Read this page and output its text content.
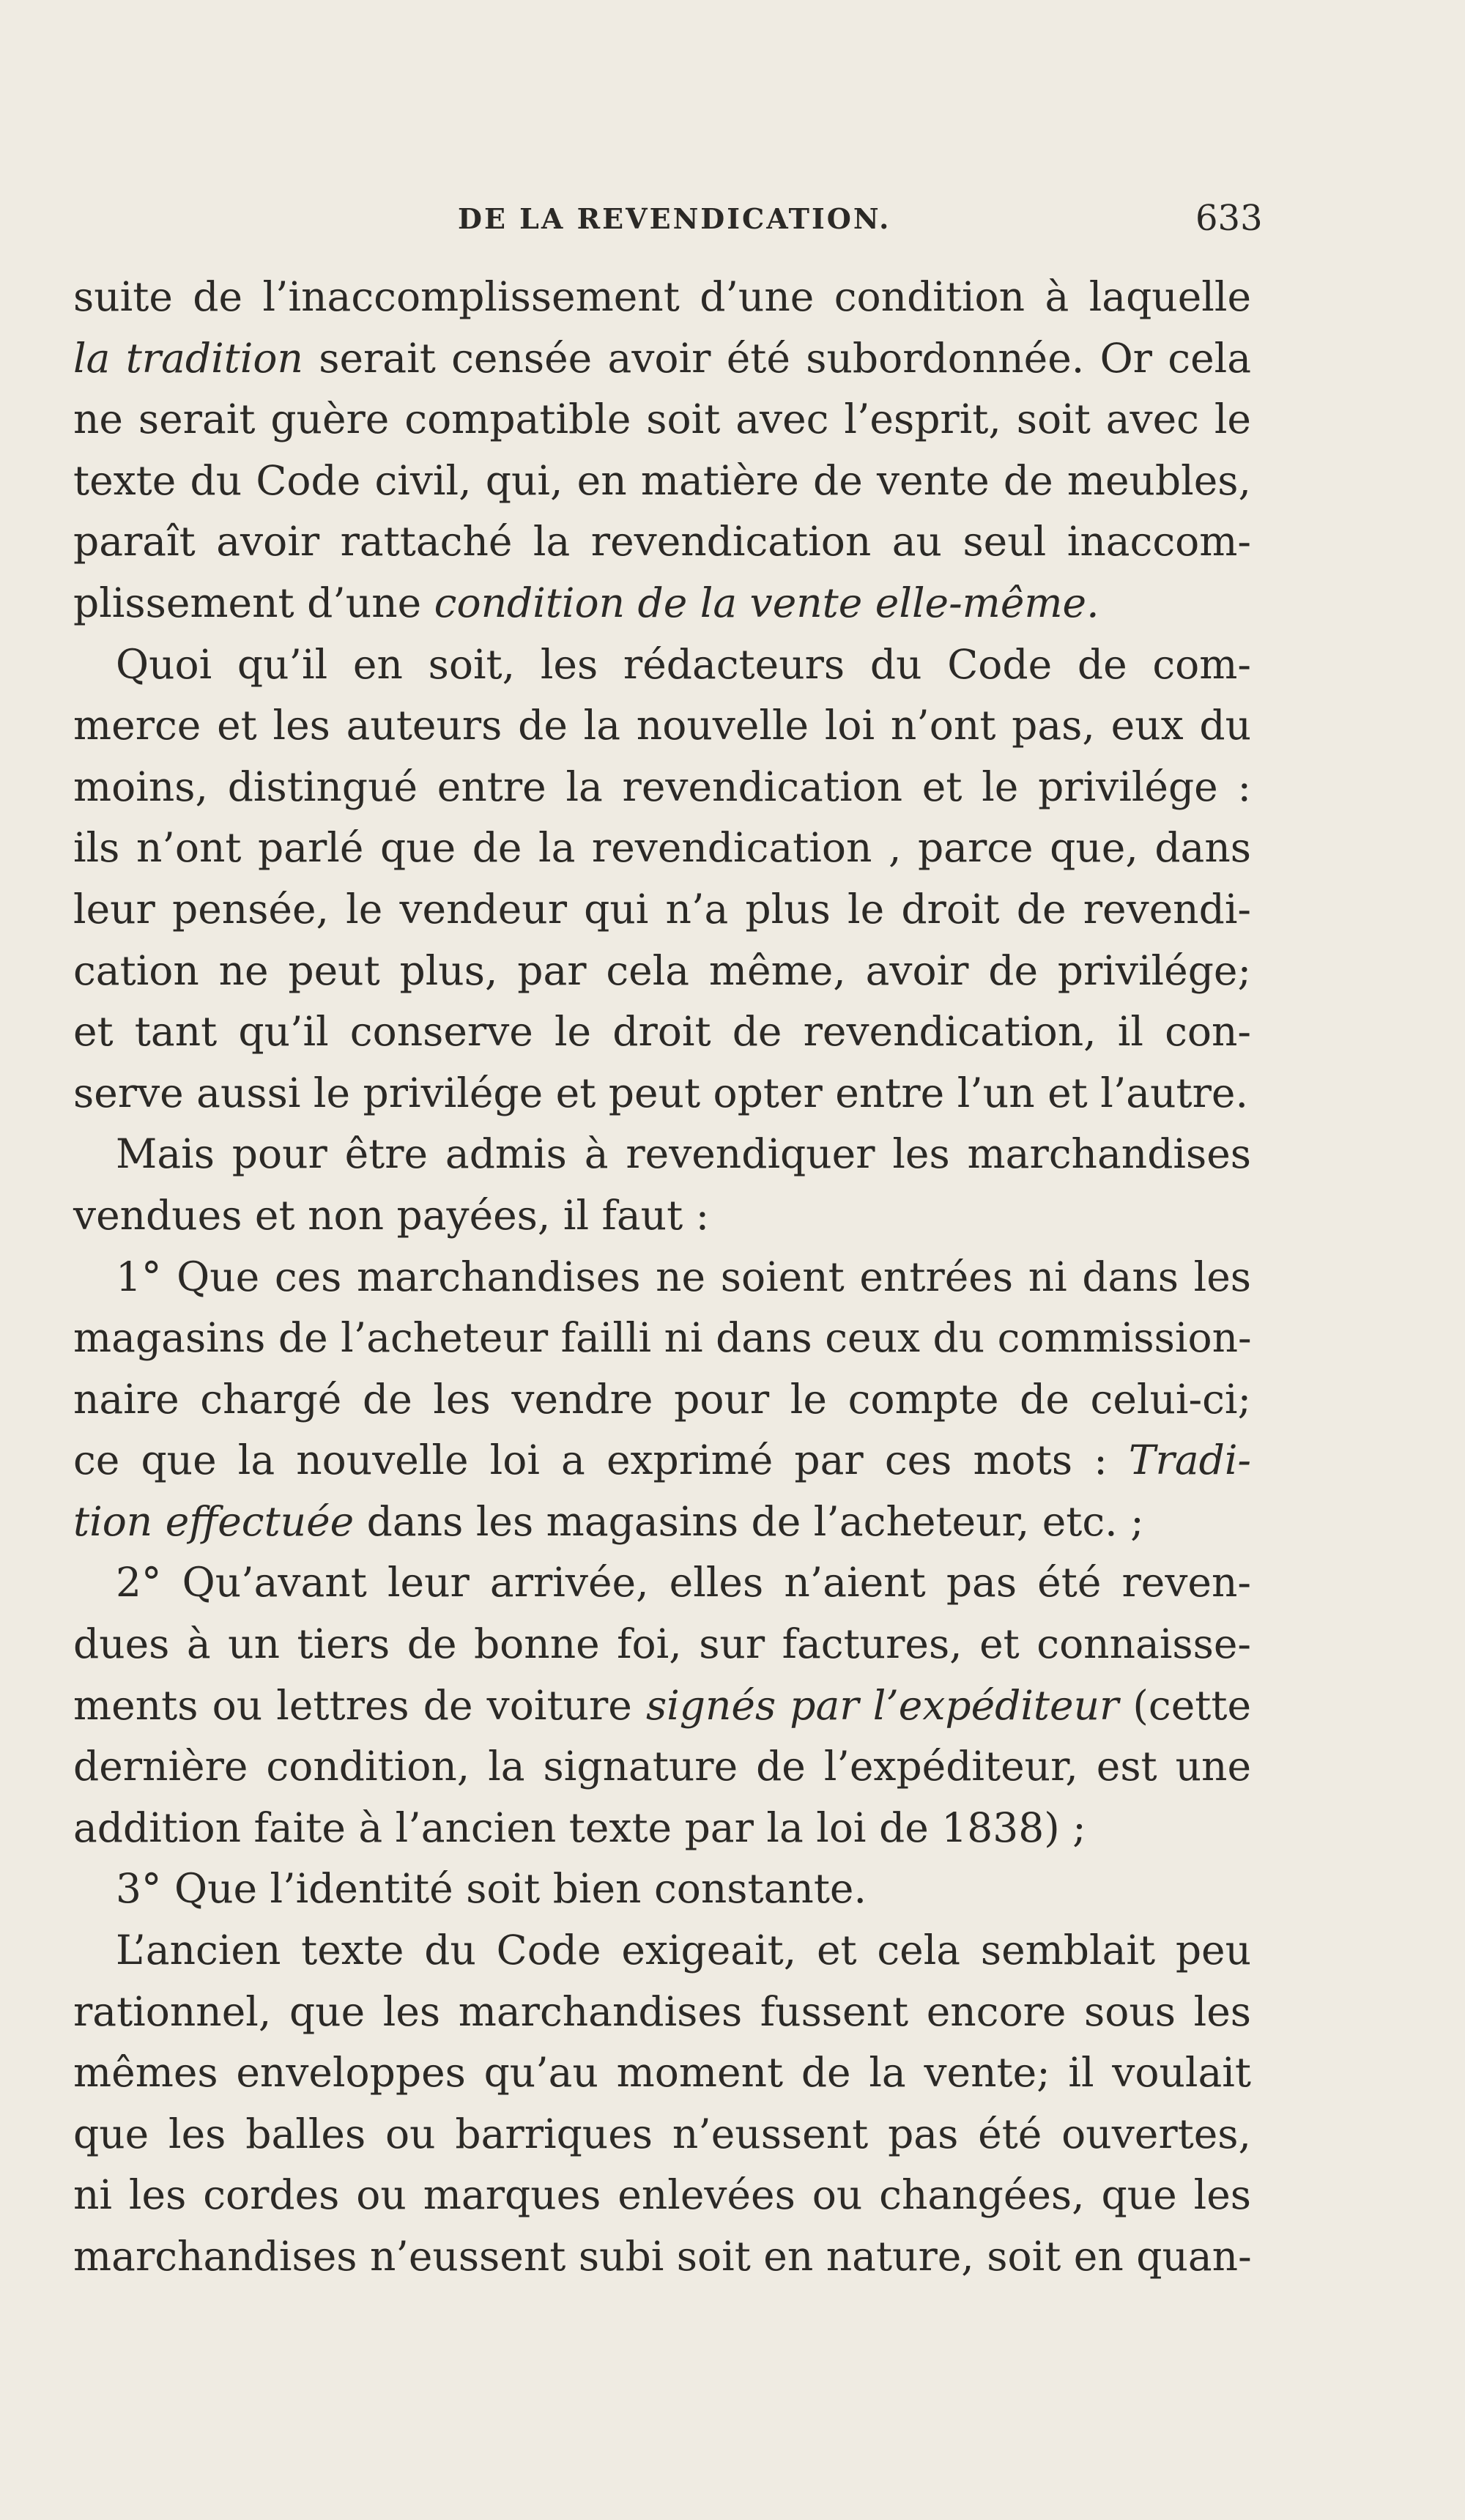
DE LA REVENDICATION.	633
suite de l’inaccomplissement d’une condition à laquelle
la tradition serait censée avoir été subordonnée. Or cela
ne serait guère compatible soit avec l’esprit, soit avec le
texte du Code civil, qui, en matière de vente de meubles,
paraît avoir rattaché la revendication au seul inaccom-
plissement d’une condition de la vente elle-même.
Quoi qu’il en soit, les rédacteurs du Code de com-
merce et les auteurs de la nouvelle loi n’ont pas, eux du
moins, distingué entre la revendication et le privilége :
ils n’ont parlé que de la revendication , parce que, dans
leur pensée, le vendeur qui n’a plus le droit de revendi-
cation ne peut plus, par cela même, avoir de privilége;
et tant qu’il conserve le droit de revendication, il con-
serve aussi le privilége et peut opter entre l’un et l’autre.
Mais pour être admis à revendiquer les marchandises
vendues et non payées, il faut :
1° Que ces marchandises ne soient entrées ni dans les
magasins de l’acheteur failli ni dans ceux du commission-
naire chargé de les vendre pour le compte de celui-ci;
ce que la nouvelle loi a exprimé par ces mots : Tradi-
tion effectuée dans les magasins de l’acheteur, etc. ;
2° Qu’avant leur arrivée, elles n’aient pas été reven-
dues à un tiers de bonne foi, sur factures, et connaisse-
ments ou lettres de voiture signés par l’expéditeur (cette
dernière condition, la signature de l’expéditeur, est une
addition faite à l’ancien texte par la loi de 1838) ;
3° Que l’identité soit bien constante.
L’ancien texte du Code exigeait, et cela semblait peu
rationnel, que les marchandises fussent encore sous les
mêmes enveloppes qu’au moment de la vente; il voulait
que les balles ou barriques n’eussent pas été ouvertes,
ni les cordes ou marques enlevées ou changées, que les
marchandises n’eussent subi soit en nature, soit en quan-
